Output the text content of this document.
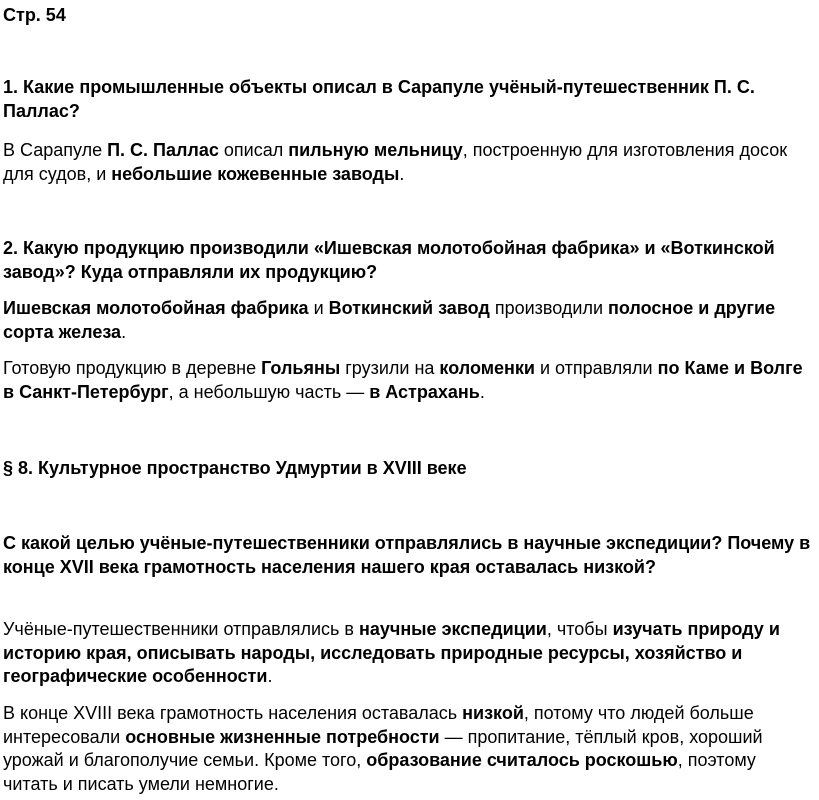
Стр. 54
1. Какие промышленные объекты описал в Сарапуле учёный-путешественник П. С. Паллас?

В Сарапуле П. С. Паллас описал пильную мельницу, построенную для изготовления досок для судов, и небольшие кожевенные заводы.

2. Какую продукцию производили «Ишевская молотобойная фабрика» и «Воткинской завод»? Куда отправляли их продукцию?

Ишевская молотобойная фабрика и Воткинский завод производили полосное и другие сорта железа.

Готовую продукцию в деревне Гольяны грузили на коломенки и отправляли по Каме и Волге в Санкт-Петербург, а небольшую часть — в Астрахань.

§ 8. Культурное пространство Удмуртии в XVIII веке
С какой целью учёные-путешественники отправлялись в научные экспедиции? Почему в конце XVII века грамотность населения нашего края оставалась низкой?

Учёные-путешественники отправлялись в научные экспедиции, чтобы изучать природу и историю края, описывать народы, исследовать природные ресурсы, хозяйство и географические особенности.

В конце XVIII века грамотность населения оставалась низкой, потому что людей больше интересовали основные жизненные потребности — пропитание, тёплый кров, хороший урожай и благополучие семьи. Кроме того, образование считалось роскошью, поэтому читать и писать умели немногие.
